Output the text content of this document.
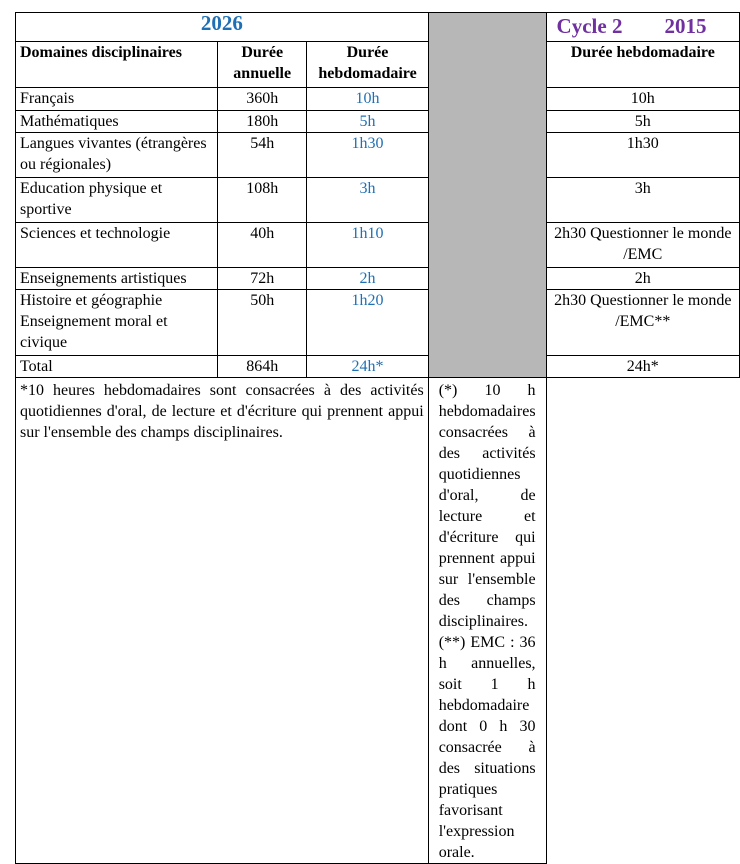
2026				Cycle 2 2015
Domaines disciplinaires	Durée annuelle	Durée hebdomadaire		Durée hebdomadaire
Français	360h	10h		10h
Mathématiques	180h	5h		5h
Langues vivantes (étrangères ou régionales)	54h	1h30		1h30
Education physique et sportive	108h	3h		3h
Sciences et technologie	40h	1h10		2h30 Questionner le monde /EMC
Enseignements artistiques	72h	2h		2h
Histoire et géographie Enseignement moral et civique	50h	1h20		2h30 Questionner le monde /EMC**
Total	864h	24h*		24h*
*10 heures hebdomadaires sont consacrées à des activités quotidiennes d'oral, de lecture et d'écriture qui prennent appui sur l'ensemble des champs disciplinaires.			(*) 10 h hebdomadaires consacrées à des activités quotidiennes d'oral, de lecture et d'écriture qui prennent appui sur l'ensemble des champs disciplinaires.
(**) EMC : 36 h annuelles, soit 1 h hebdomadaire dont 0 h 30 consacrée à des situations pratiques favorisant l'expression orale.	
